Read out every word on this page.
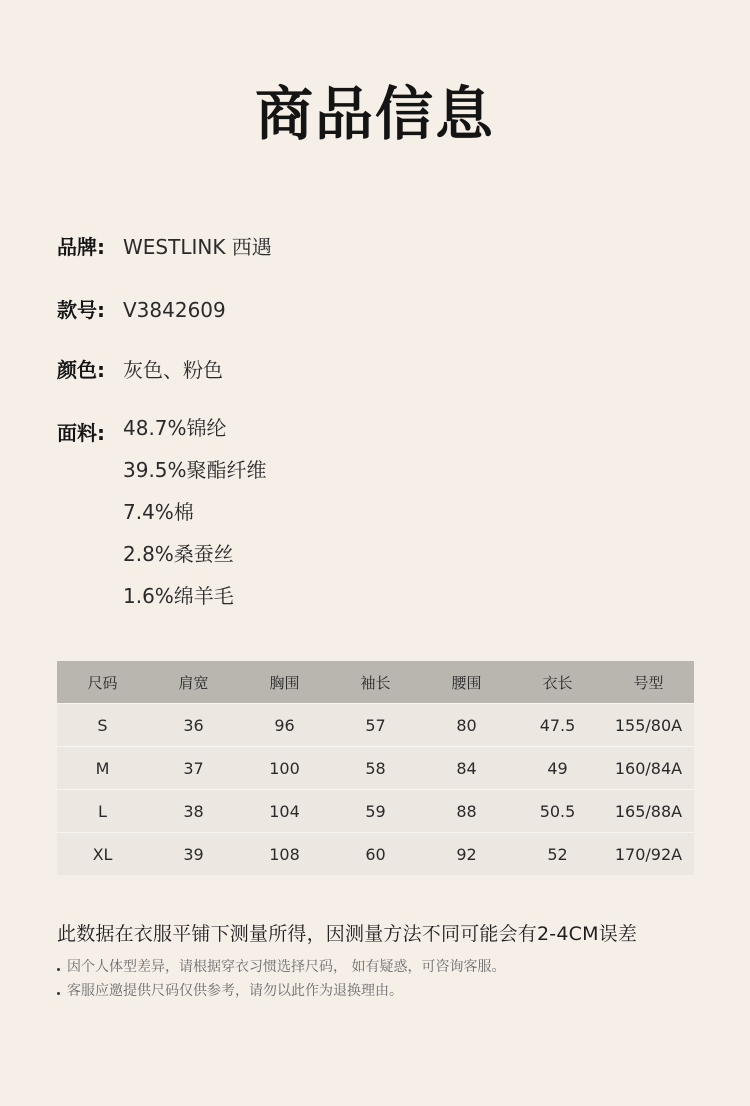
商品信息
品牌: WESTLINK 西遇
款号: V3842609
颜色: 灰色、粉色
面料: 48.7%锦纶
39.5%聚酯纤维
7.4%棉
2.8%桑蚕丝
1.6%绵羊毛
尺码	肩宽	胸围	袖长	腰围	衣长	号型
S	36	96	57	80	47.5	155/80A
M	37	100	58	84	49	160/84A
L	38	104	59	88	50.5	165/88A
XL	39	108	60	92	52	170/92A
此数据在衣服平铺下测量所得，因测量方法不同可能会有2-4CM误差
因个人体型差异，请根据穿衣习惯选择尺码， 如有疑惑，可咨询客服。
客服应邀提供尺码仅供参考，请勿以此作为退换理由。
